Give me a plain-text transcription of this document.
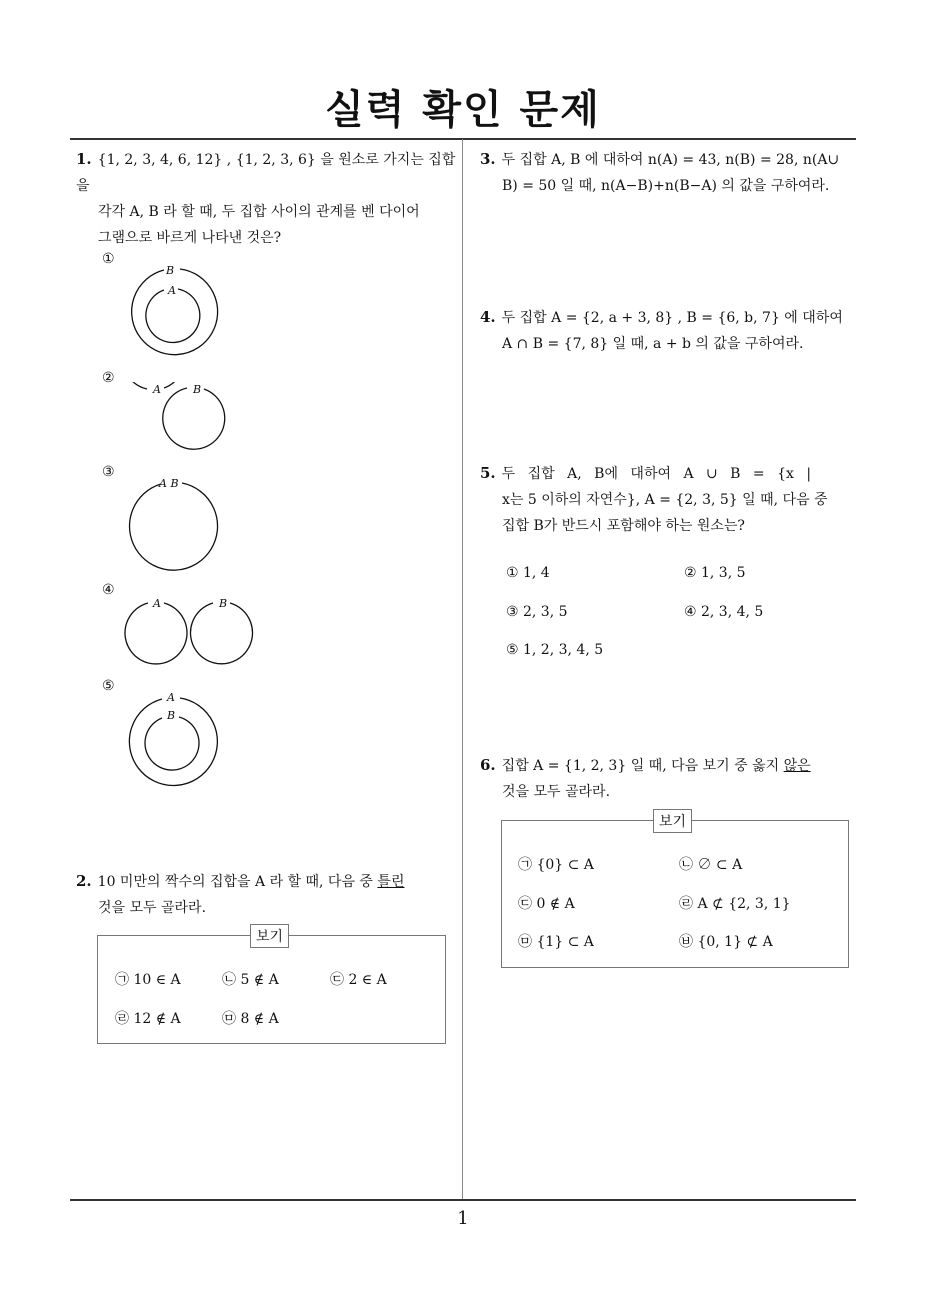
실력 확인 문제
1
1. {1, 2, 3, 4, 6, 12} , {1, 2, 3, 6} 을 원소로 가지는 집합을
각각 A, B 라 할 때, 두 집합 사이의 관계를 벤 다이어
그램으로 바르게 나타낸 것은?
①
B
A
②
A	B
③
A B
④
A	B
⑤
A
B
2. 10 미만의 짝수의 집합을 A 라 할 때, 다음 중 틀린
것을 모두 골라라.
보기
㉠ 10 ∈ A	㉡ 5 ∉ A	㉢ 2 ∈ A
㉣ 12 ∉ A	㉤ 8 ∉ A
3. 두 집합 A, B 에 대하여 n(A) = 43, n(B) = 28, n(A∪
B) = 50 일 때, n(A−B)+n(B−A) 의 값을 구하여라.
4. 두 집합 A = {2, a + 3, 8} , B = {6, b, 7} 에 대하여
A ∩ B = {7, 8} 일 때, a + b 의 값을 구하여라.
5. 두 집합 A, B에 대하여 A ∪ B = {x |
x는 5 이하의 자연수}, A = {2, 3, 5} 일 때, 다음 중
집합 B가 반드시 포함해야 하는 원소는?
① 1, 4	② 1, 3, 5
③ 2, 3, 5	④ 2, 3, 4, 5
⑤ 1, 2, 3, 4, 5
6. 집합 A = {1, 2, 3} 일 때, 다음 보기 중 옳지 않은
것을 모두 골라라.
보기
㉠ {0} ⊂ A	㉡ ∅ ⊂ A
㉢ 0 ∉ A	㉣ A ⊄ {2, 3, 1}
㉤ {1} ⊂ A	㉥ {0, 1} ⊄ A
